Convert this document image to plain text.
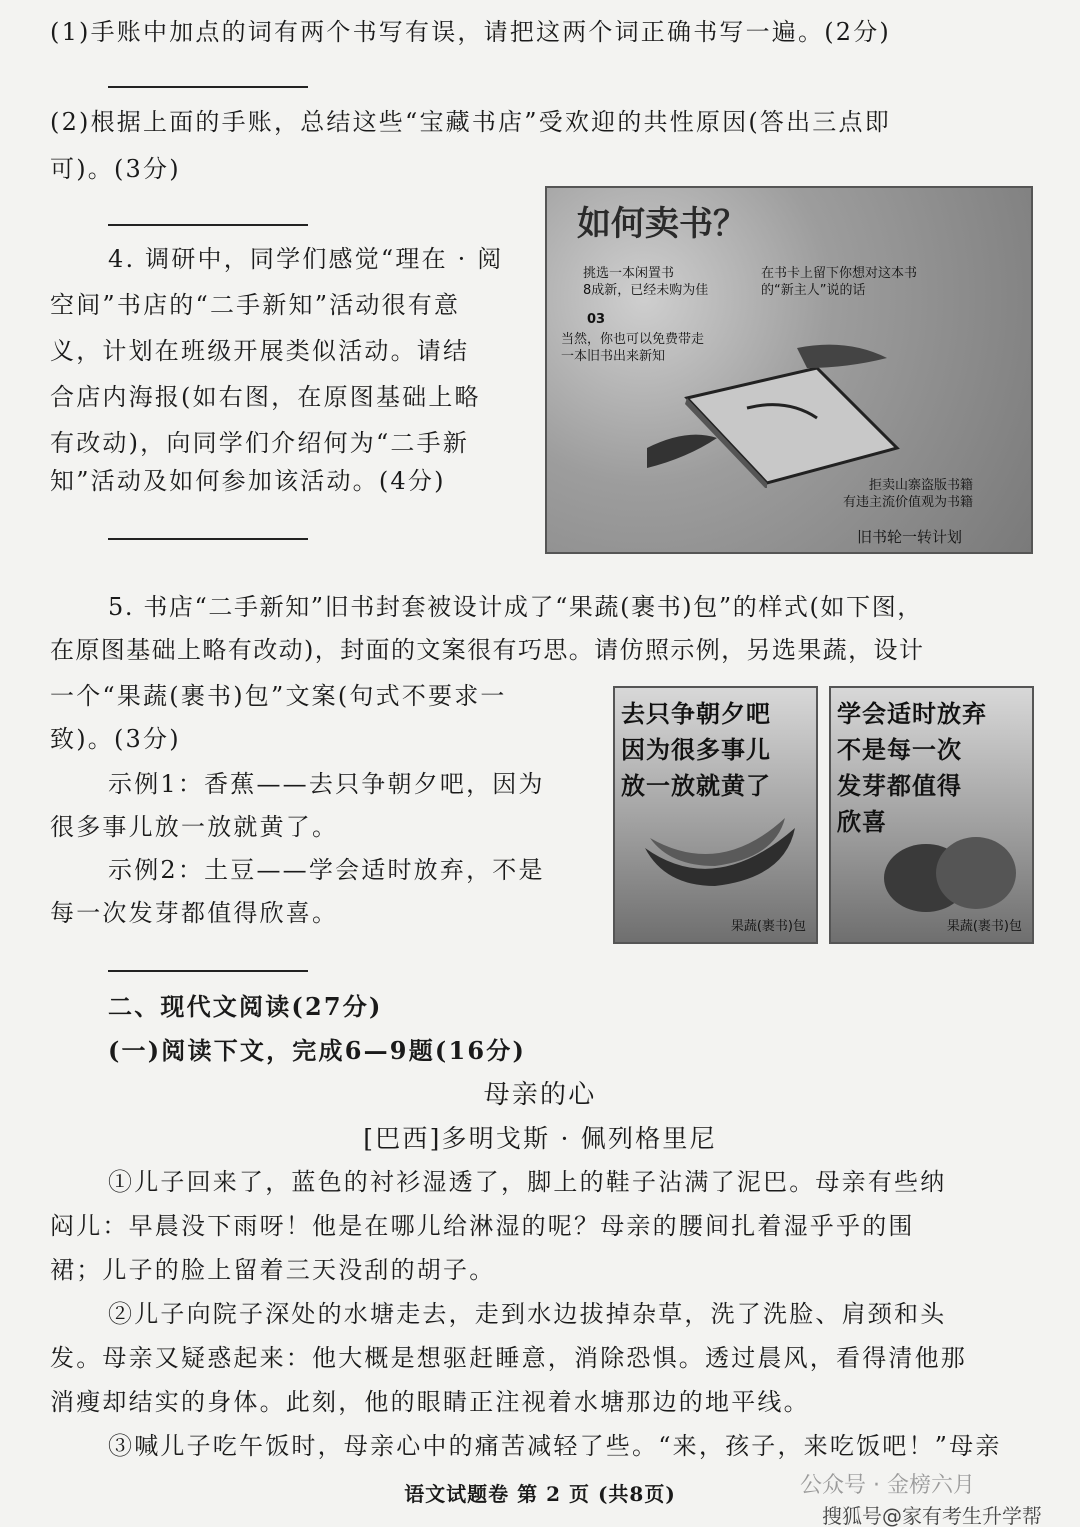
(1)手账中加点的词有两个书写有误，请把这两个词正确书写一遍。(2分)
(2)根据上面的手账，总结这些“宝藏书店”受欢迎的共性原因(答出三点即
可)。(3分)
4. 调研中，同学们感觉“理在 · 阅
空间”书店的“二手新知”活动很有意
义，计划在班级开展类似活动。请结
合店内海报(如右图，在原图基础上略
有改动)，向同学们介绍何为“二手新
知”活动及如何参加该活动。(4分)
如何卖书？
挑选一本闲置书
8成新，已经未购为佳
在书卡上留下你想对这本书
的“新主人”说的话
03
当然，你也可以免费带走
一本旧书出来新知
拒卖山寨盗版书籍
有违主流价值观为书籍
旧书轮一转计划
5. 书店“二手新知”旧书封套被设计成了“果蔬(裹书)包”的样式(如下图，
在原图基础上略有改动)，封面的文案很有巧思。请仿照示例，另选果蔬，设计
一个“果蔬(裹书)包”文案(句式不要求一
致)。(3分)
示例1：香蕉——去只争朝夕吧，因为
很多事儿放一放就黄了。
示例2：土豆——学会适时放弃，不是
每一次发芽都值得欣喜。
去只争朝夕吧
因为很多事儿
放一放就黄了
果蔬(裹书)包
学会适时放弃
不是每一次
发芽都值得
欣喜
果蔬(裹书)包
二、现代文阅读(27分)
(一)阅读下文，完成6—9题(16分)
母亲的心
[巴西]多明戈斯 · 佩列格里尼
①儿子回来了，蓝色的衬衫湿透了，脚上的鞋子沾满了泥巴。母亲有些纳
闷儿：早晨没下雨呀！他是在哪儿给淋湿的呢？母亲的腰间扎着湿乎乎的围
裙；儿子的脸上留着三天没刮的胡子。
②儿子向院子深处的水塘走去，走到水边拔掉杂草，洗了洗脸、肩颈和头
发。母亲又疑惑起来：他大概是想驱赶睡意，消除恐惧。透过晨风，看得清他那
消瘦却结实的身体。此刻，他的眼睛正注视着水塘那边的地平线。
③喊儿子吃午饭时，母亲心中的痛苦减轻了些。“来，孩子，来吃饭吧！”母亲
语文试题卷 第 2 页 (共8页)	公众号 · 金榜六月
搜狐号@家有考生升学帮
